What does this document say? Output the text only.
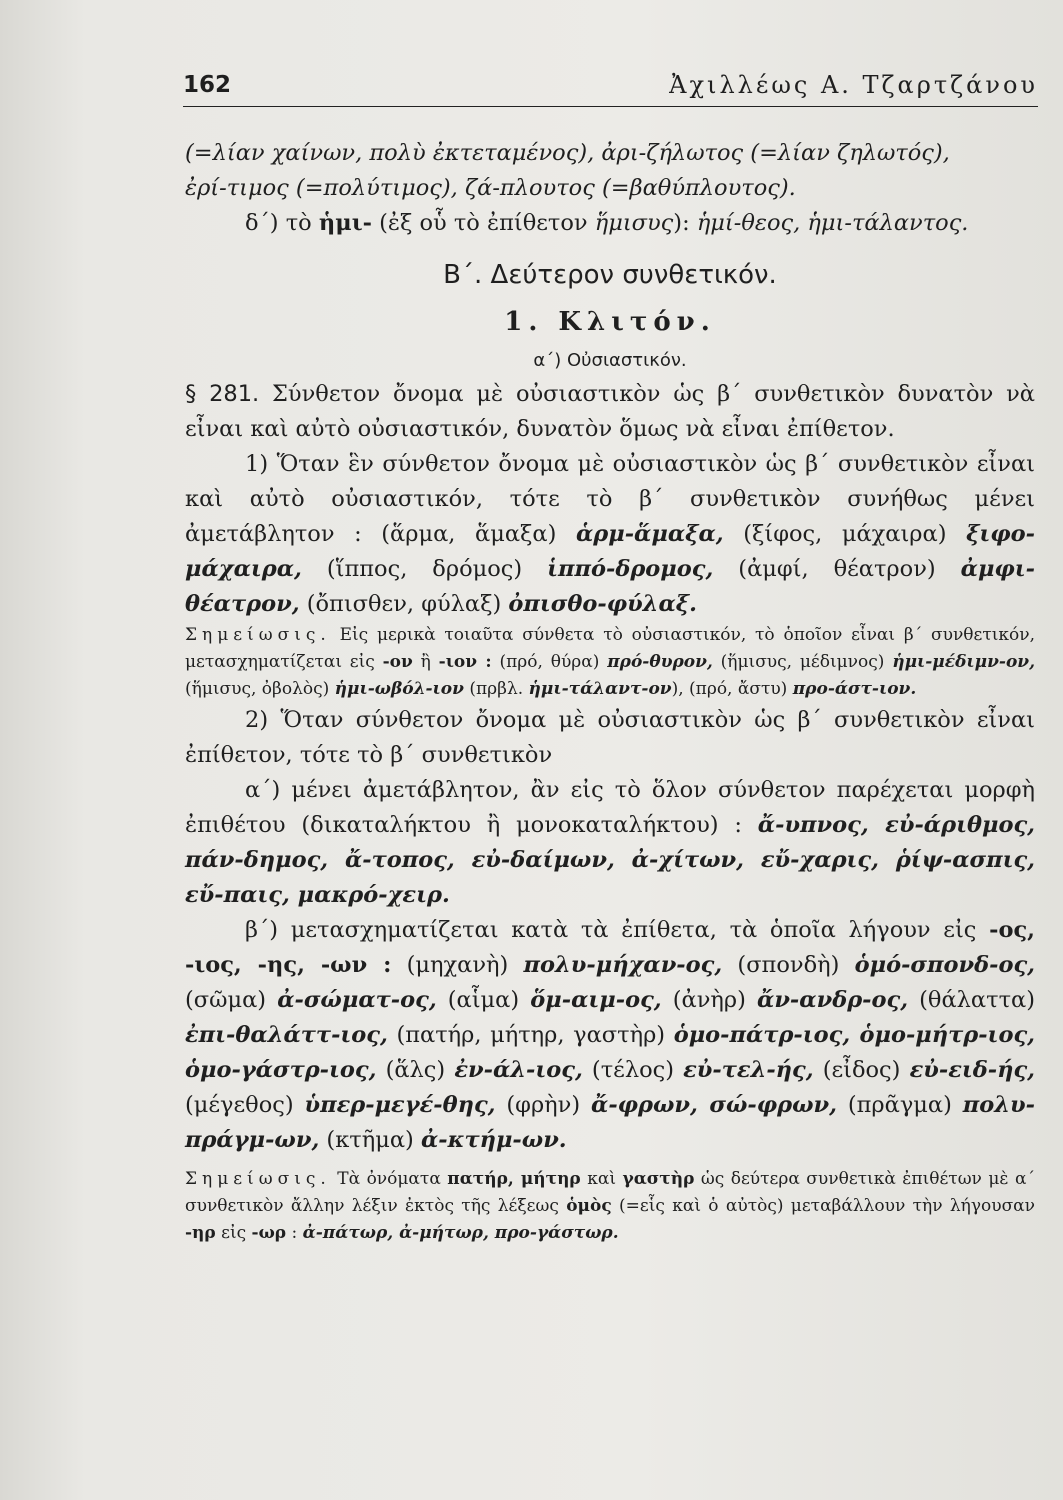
162	Ἀχιλλέως Α. Τζαρτζάνου

(=λίαν χαίνων, πολὺ ἐκτεταμένος), ἀρι-ζήλωτος (=λίαν ζηλωτός),

ἐρί-τιμος (=πολύτιμος), ζά-πλουτος (=βαθύπλουτος).

δ΄) τὸ ἡμι- (ἐξ οὗ τὸ ἐπίθετον ἥμισυς): ἡμί-θεος, ἡμι-τάλαντος.

Β΄. Δεύτερον συνθετικόν.
1. Κλιτόν.
α΄) Οὐσιαστικόν.

§ 281. Σύνθετον ὄνομα μὲ οὐσιαστικὸν ὡς β΄ συνθετικὸν δυνατὸν νὰ εἶναι καὶ αὐτὸ οὐσιαστικόν, δυνατὸν ὅμως νὰ εἶναι ἐπίθετον.

1) Ὅταν ἓν σύνθετον ὄνομα μὲ οὐσιαστικὸν ὡς β΄ συνθετικὸν εἶναι καὶ αὐτὸ οὐσιαστικόν, τότε τὸ β΄ συνθετικὸν συνήθως μένει ἀμετάβλητον : (ἅρμα, ἅμαξα) ἁρμ-ἅμαξα, (ξίφος, μάχαιρα) ξιφο-μάχαιρα, (ἵππος, δρόμος) ἱππό-δρομος, (ἀμφί, θέατρον) ἀμφι-θέατρον, (ὄπισθεν, φύλαξ) ὀπισθο-φύλαξ.

Σημείωσις. Εἰς μερικὰ τοιαῦτα σύνθετα τὸ οὐσιαστικόν, τὸ ὁποῖον εἶναι β΄ συνθετικόν, μετασχηματίζεται εἰς -ον ἢ -ιον : (πρό, θύρα) πρό-θυρον, (ἥμισυς, μέδιμνος) ἡμι-μέδιμν-ον, (ἥμισυς, ὀβολὸς) ἡμι-ωβόλ-ιον (πρβλ. ἡμι-τάλαντ-ον), (πρό, ἄστυ) προ-άστ-ιον.

2) Ὅταν σύνθετον ὄνομα μὲ οὐσιαστικὸν ὡς β΄ συνθετικὸν εἶναι ἐπίθετον, τότε τὸ β΄ συνθετικὸν

α΄) μένει ἀμετάβλητον, ἂν εἰς τὸ ὅλον σύνθετον παρέχεται μορφὴ ἐπιθέτου (δικαταλήκτου ἢ μονοκαταλήκτου) : ἄ-υπνος, εὐ-άριθμος, πάν-δημος, ἄ-τοπος, εὐ-δαίμων, ἀ-χίτων, εὔ-χαρις, ῥίψ-ασπις, εὔ-παις, μακρό-χειρ.

β΄) μετασχηματίζεται κατὰ τὰ ἐπίθετα, τὰ ὁποῖα λήγουν εἰς -ος, -ιος, -ης, -ων : (μηχανὴ) πολυ-μήχαν-ος, (σπονδὴ) ὁμό-σπονδ-ος, (σῶμα) ἀ-σώματ-ος, (αἷμα) ὅμ-αιμ-ος, (ἀνὴρ) ἄν-ανδρ-ος, (θάλαττα) ἐπι-θαλάττ-ιος, (πατήρ, μήτηρ, γαστὴρ) ὁμο-πάτρ-ιος, ὁμο-μήτρ-ιος, ὁμο-γάστρ-ιος, (ἅλς) ἐν-άλ-ιος, (τέλος) εὐ-τελ-ής, (εἶδος) εὐ-ειδ-ής, (μέγεθος) ὑπερ-μεγέ-θης, (φρὴν) ἄ-φρων, σώ-φρων, (πρᾶγμα) πολυ-πράγμ-ων, (κτῆμα) ἀ-κτήμ-ων.

Σημείωσις. Τὰ ὀνόματα πατήρ, μήτηρ καὶ γαστὴρ ὡς δεύτερα συνθετικὰ ἐπιθέτων μὲ α΄ συνθετικὸν ἄλλην λέξιν ἐκτὸς τῆς λέξεως ὁμὸς (=εἷς καὶ ὁ αὐτὸς) μεταβάλλουν τὴν λήγουσαν -ηρ εἰς -ωρ : ἀ-πάτωρ, ἀ-μήτωρ, προ-γάστωρ.
